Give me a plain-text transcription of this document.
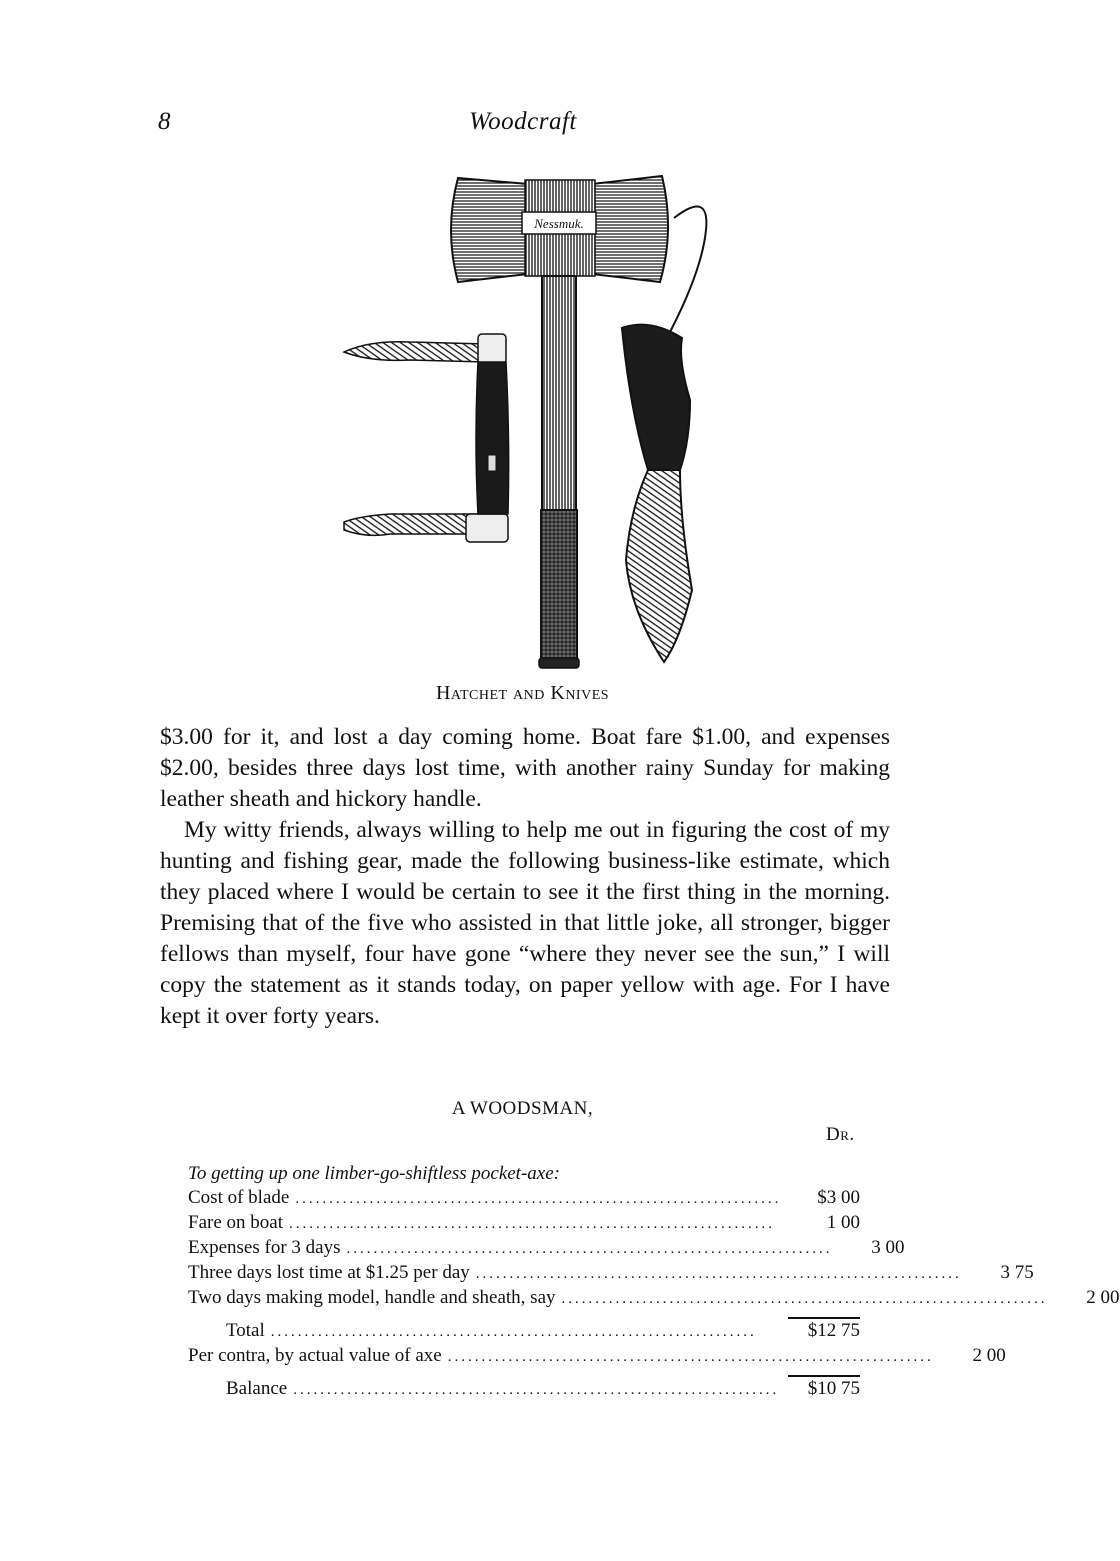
8	Woodcraft
Nessmuk.
Hatchet and Knives

$3.00 for it, and lost a day coming home. Boat fare $1.00, and expenses $2.00, besides three days lost time, with another rainy Sunday for making leather sheath and hickory handle.

My witty friends, always willing to help me out in figuring the cost of my hunting and fishing gear, made the following business-like estimate, which they placed where I would be certain to see it the first thing in the morning. Premising that of the five who assisted in that little joke, all stronger, bigger fellows than myself, four have gone “where they never see the sun,” I will copy the statement as it stands today, on paper yellow with age. For I have kept it over forty years.

A WOODSMAN,
Dr.
To getting up one limber-go-shiftless pocket-axe:
Cost of blade ........................................................................	$3 00
Fare on boat ........................................................................	1 00
Expenses for 3 days ........................................................................	3 00
Three days lost time at $1.25 per day ........................................................................	3 75
Two days making model, handle and sheath, say ........................................................................	2 00
Total ........................................................................	$12 75
Per contra, by actual value of axe ........................................................................	2 00
Balance ........................................................................	$10 75
